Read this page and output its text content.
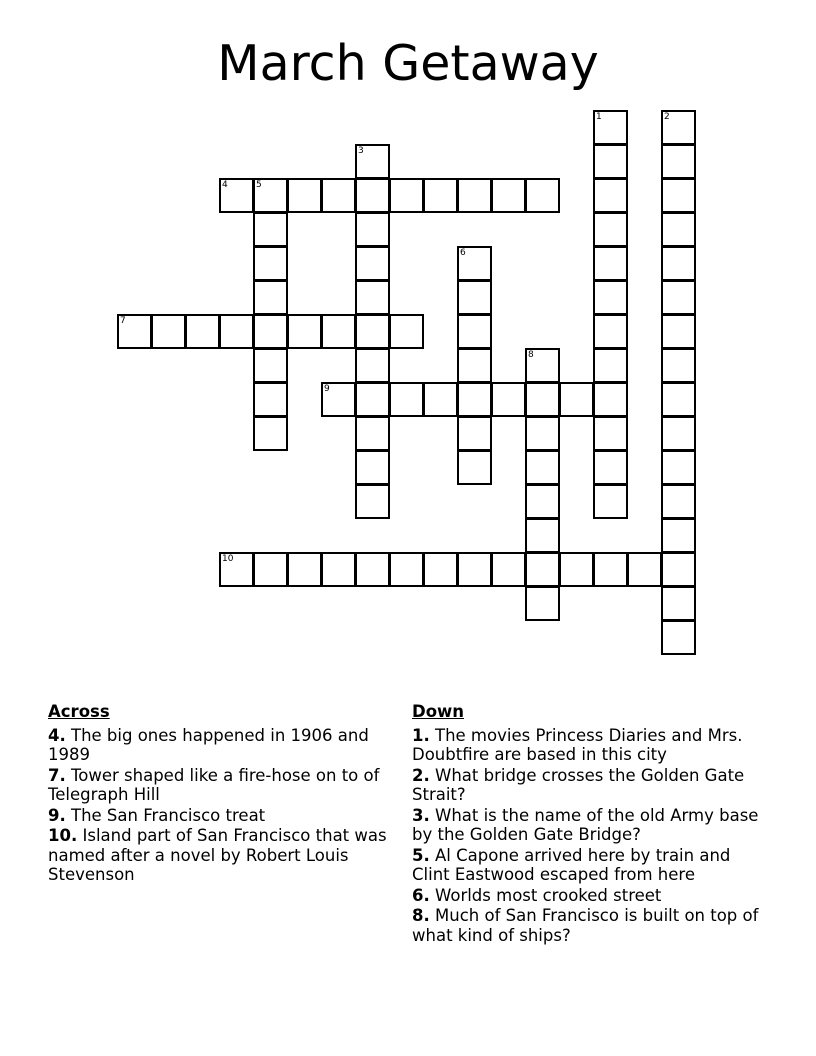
March Getaway
1	2
3
4	5
6
7
8
9
10
Across
4. The big ones happened in 1906 and 1989
7. Tower shaped like a fire-hose on to of Telegraph Hill
9. The San Francisco treat
10. Island part of San Francisco that was named after a novel by Robert Louis Stevenson
Down
1. The movies Princess Diaries and Mrs. Doubtfire are based in this city
2. What bridge crosses the Golden Gate Strait?
3. What is the name of the old Army base by the Golden Gate Bridge?
5. Al Capone arrived here by train and Clint Eastwood escaped from here
6. Worlds most crooked street
8. Much of San Francisco is built on top of what kind of ships?
